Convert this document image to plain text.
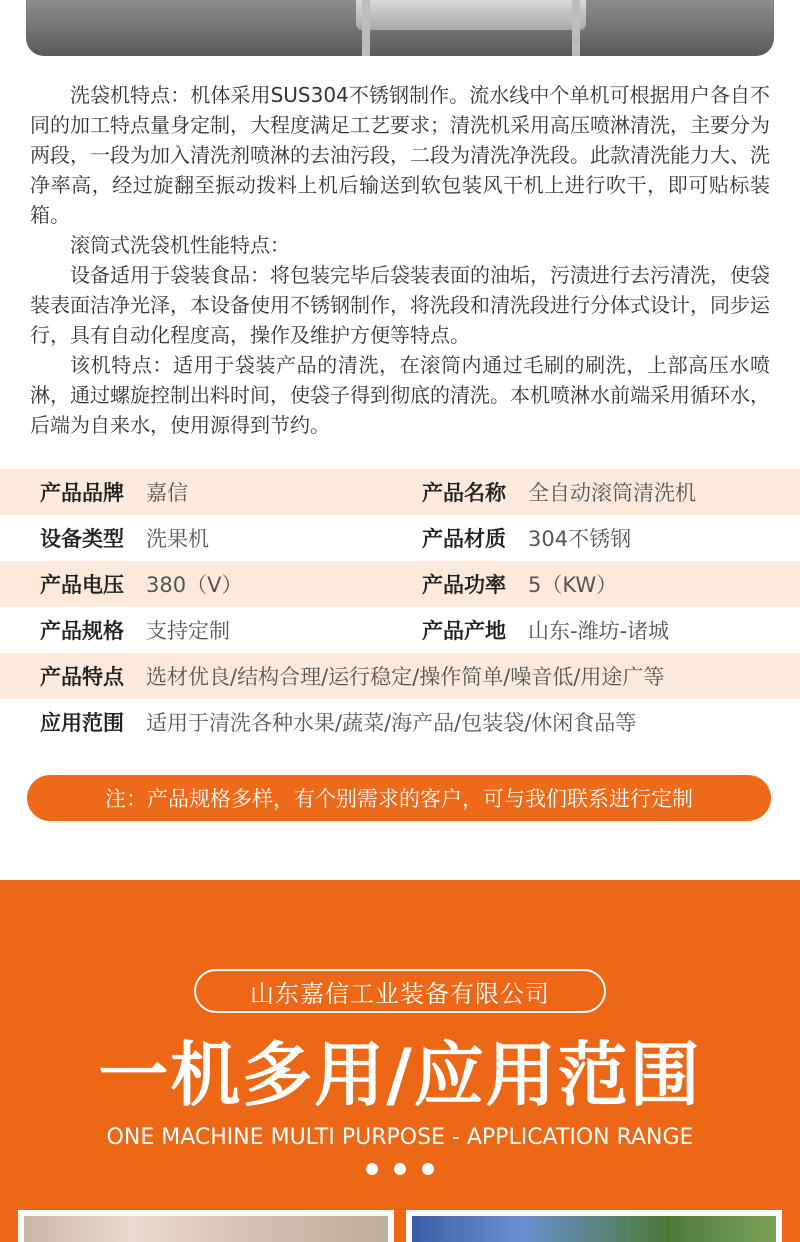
洗袋机特点：机体采用SUS304不锈钢制作。流水线中个单机可根据用户各自不同的加工特点量身定制，大程度满足工艺要求；清洗机采用高压喷淋清洗，主要分为两段，一段为加入清洗剂喷淋的去油污段，二段为清洗净洗段。此款清洗能力大、洗净率高，经过旋翻至振动拨料上机后输送到软包装风干机上进行吹干，即可贴标装箱。

滚筒式洗袋机性能特点：

设备适用于袋装食品：将包装完毕后袋装表面的油垢，污渍进行去污清洗，使袋装表面洁净光泽，本设备使用不锈钢制作，将洗段和清洗段进行分体式设计，同步运行，具有自动化程度高，操作及维护方便等特点。

该机特点：适用于袋装产品的清洗，在滚筒内通过毛刷的刷洗，上部高压水喷淋，通过螺旋控制出料时间，使袋子得到彻底的清洗。本机喷淋水前端采用循环水，后端为自来水，使用源得到节约。

产品品牌	嘉信	产品名称	全自动滚筒清洗机
设备类型	洗果机	产品材质	304不锈钢
产品电压	380（V）	产品功率	5（KW）
产品规格	支持定制	产品产地	山东-潍坊-诸城
产品特点	选材优良/结构合理/运行稳定/操作简单/噪音低/用途广等
应用范围	适用于清洗各种水果/蔬菜/海产品/包装袋/休闲食品等
注：产品规格多样，有个别需求的客户，可与我们联系进行定制
山东嘉信工业装备有限公司
一机多用/应用范围
ONE MACHINE MULTI PURPOSE - APPLICATION RANGE
